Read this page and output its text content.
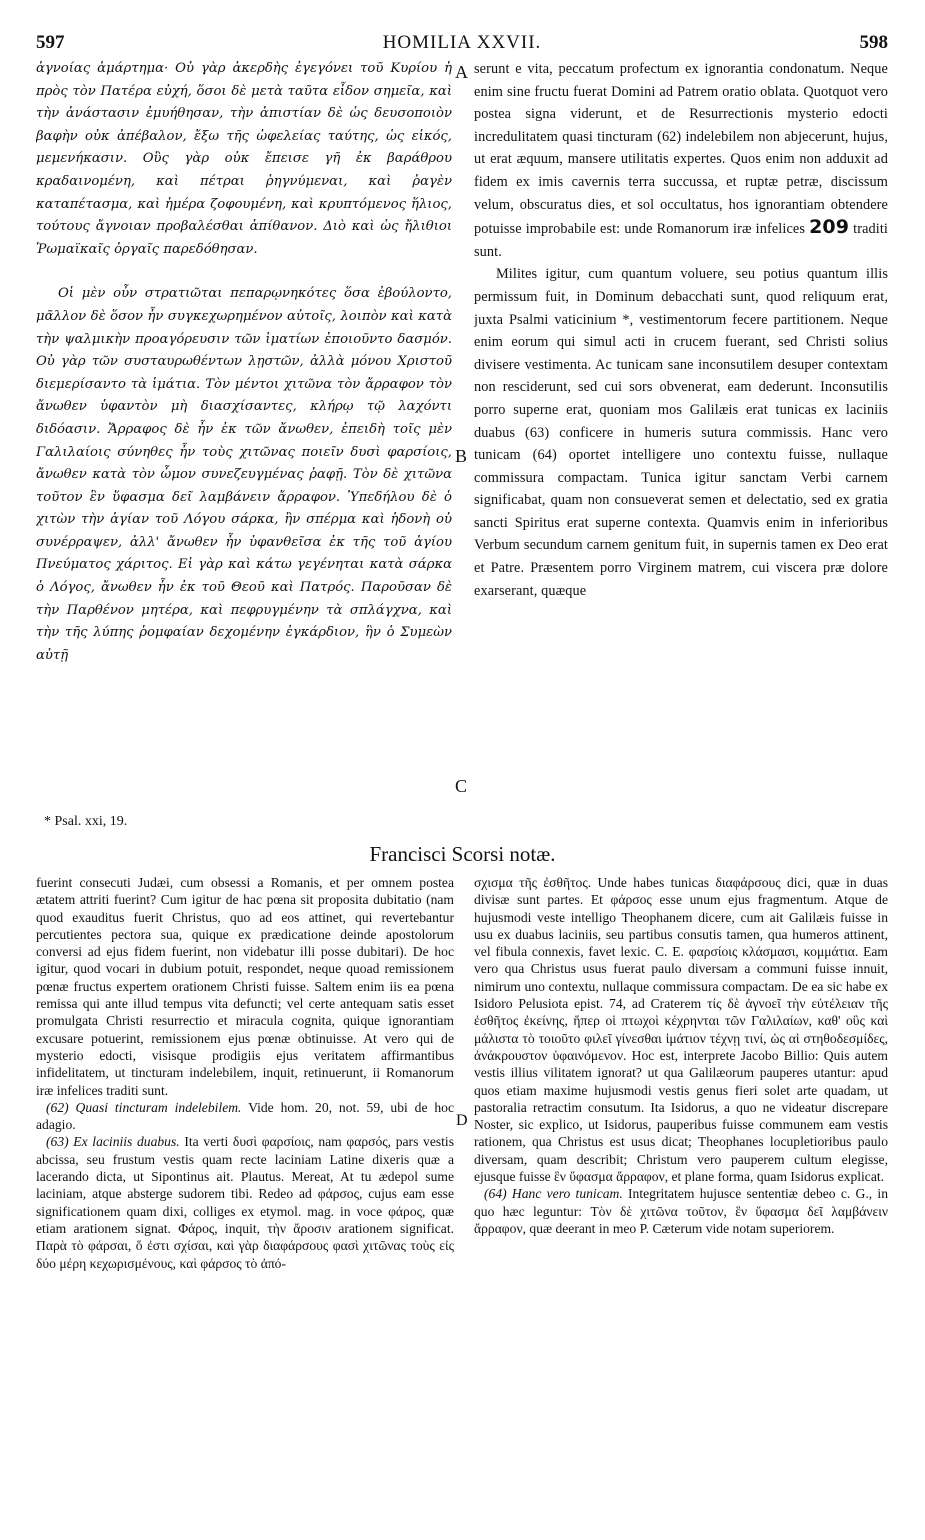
597	HOMILIA XXVII.	598

ἀγνοίας ἁμάρτημα· Οὐ γὰρ ἀκερδὴς ἐγεγόνει τοῦ Κυρίου ἡ πρὸς τὸν Πατέρα εὐχή, ὅσοι δὲ μετὰ ταῦτα εἶδον σημεῖα, καὶ τὴν ἀνάστασιν ἐμυήθησαν, τὴν ἀπιστίαν δὲ ὡς δευσοποιὸν βαφὴν οὐκ ἀπέβαλον, ἔξω τῆς ὠφελείας ταύτης, ὡς εἰκός, μεμενήκασιν. Οὓς γὰρ οὐκ ἔπεισε γῆ ἐκ βαράθρου κραδαινομένη, καὶ πέτραι ῥηγνύμεναι, καὶ ῥαγὲν καταπέτασμα, καὶ ἡμέρα ζοφουμένη, καὶ κρυπτόμενος ἥλιος, τούτους ἄγνοιαν προβαλέσθαι ἀπίθανον. Διὸ καὶ ὡς ἤλιθιοι Ῥωμαϊκαῖς ὀργαῖς παρεδόθησαν.

Οἱ μὲν οὖν στρατιῶται πεπαρῳνηκότες ὅσα ἐβούλοντο, μᾶλλον δὲ ὅσον ἦν συγκεχωρημένον αὐτοῖς, λοιπὸν καὶ κατὰ τὴν ψαλμικὴν προαγόρευσιν τῶν ἱματίων ἐποιοῦντο δασμόν. Οὐ γὰρ τῶν συσταυρωθέντων λῃστῶν, ἀλλὰ μόνου Χριστοῦ διεμερίσαντο τὰ ἱμάτια. Τὸν μέντοι χιτῶνα τὸν ἄρραφον τὸν ἄνωθεν ὑφαντὸν μὴ διασχίσαντες, κλήρῳ τῷ λαχόντι διδόασιν. Ἄρραφος δὲ ἦν ἐκ τῶν ἄνωθεν, ἐπειδὴ τοῖς μὲν Γαλιλαίοις σύνηθες ἦν τοὺς χιτῶνας ποιεῖν δυσὶ φαρσίοις, ἄνωθεν κατὰ τὸν ὦμον συνεζευγμένας ῥαφῇ. Τὸν δὲ χιτῶνα τοῦτον ἓν ὕφασμα δεῖ λαμβάνειν ἄρραφον. Ὑπεδήλου δὲ ὁ χιτὼν τὴν ἁγίαν τοῦ Λόγου σάρκα, ἣν σπέρμα καὶ ἡδονὴ οὐ συνέρραψεν, ἀλλ' ἄνωθεν ἦν ὑφανθεῖσα ἐκ τῆς τοῦ ἁγίου Πνεύματος χάριτος. Εἰ γὰρ καὶ κάτω γεγένηται κατὰ σάρκα ὁ Λόγος, ἄνωθεν ἦν ἐκ τοῦ Θεοῦ καὶ Πατρός. Παροῦσαν δὲ τὴν Παρθένον μητέρα, καὶ πεφρυγμένην τὰ σπλάγχνα, καὶ τὴν τῆς λύπης ῥομφαίαν δεχομένην ἐγκάρδιον, ἣν ὁ Συμεὼν αὐτῇ

A
B
C

serunt e vita, peccatum profectum ex ignorantia condonatum. Neque enim sine fructu fuerat Domini ad Patrem oratio oblata. Quotquot vero postea signa viderunt, et de Resurrectionis mysterio edocti incredulitatem quasi tincturam (62) indelebilem non abjecerunt, hujus, ut erat æquum, mansere utilitatis expertes. Quos enim non adduxit ad fidem ex imis cavernis terra succussa, et ruptæ petræ, discissum velum, obscuratus dies, et sol occultatus, hos ignorantiam obtendere potuisse improbabile est: unde Romanorum iræ infelices 209 traditi sunt.

Milites igitur, cum quantum voluere, seu potius quantum illis permissum fuit, in Dominum debacchati sunt, quod reliquum erat, juxta Psalmi vaticinium *, vestimentorum fecere partitionem. Neque enim eorum qui simul acti in crucem fuerant, sed Christi solius divisere vestimenta. Ac tunicam sane inconsutilem desuper contextam non resciderunt, sed cui sors obvenerat, eam dederunt. Inconsutilis porro superne erat, quoniam mos Galilæis erat tunicas ex laciniis duabus (63) conficere in humeris sutura commissis. Hanc vero tunicam (64) oportet intelligere uno contextu fuisse, nullaque commissura compactam. Tunica igitur sanctam Verbi carnem significabat, quam non consueverat semen et delectatio, sed ex gratia sancti Spiritus erat superne contexta. Quamvis enim in inferioribus Verbum secundum carnem genitum fuit, in supernis tamen ex Deo erat et Patre. Præsentem porro Virginem matrem, cui viscera præ dolore exarserant, quæque

* Psal. xxi, 19.
Francisci Scorsi notæ.
D

fuerint consecuti Judæi, cum obsessi a Romanis, et per omnem postea ætatem attriti fuerint? Cum igitur de hac pœna sit proposita dubitatio (nam quod exauditus fuerit Christus, quo ad eos attinet, qui revertebantur percutientes pectora sua, quique ex prædicatione deinde apostolorum conversi ad ejus fidem fuerint, non videbatur illi posse dubitari). De hoc igitur, quod vocari in dubium potuit, respondet, neque quoad remissionem pœnæ fructus expertem orationem Christi fuisse. Saltem enim iis ea pœna remissa qui ante illud tempus vita defuncti; vel certe antequam satis esset promulgata Christi resurrectio et miracula cognita, quique ignorantiam excusare potuerint, remissionem ejus pœnæ obtinuisse. At vero qui de mysterio edocti, visisque prodigiis ejus veritatem affirmantibus infidelitatem, ut tincturam indelebilem, inquit, retinuerunt, ii Romanorum iræ infelices traditi sunt.

(62) Quasi tincturam indelebilem. Vide hom. 20, not. 59, ubi de hoc adagio.

(63) Ex laciniis duabus. Ita verti δυσὶ φαρσίοις, nam φαρσός, pars vestis abcissa, seu frustum vestis quam recte laciniam Latine dixeris quæ a lacerando dicta, ut Sipontinus ait. Plautus. Mereat, At tu ædepol sume laciniam, atque absterge sudorem tibi. Redeo ad φάρσος, cujus eam esse significationem quam dixi, colliges ex etymol. mag. in voce φάρος, quæ etiam arationem signat. Φάρος, inquit, τὴν ἄροσιν arationem significat. Παρὰ τὸ φάρσαι, ὅ ἐστι σχίσαι, καὶ γὰρ διαφάρσους φασὶ χιτῶνας τοὺς εἰς δύο μέρη κεχωρισμένους, καὶ φάρσος τὸ ἀπό-

σχισμα τῆς ἐσθῆτος. Unde habes tunicas διαφάρσους dici, quæ in duas divisæ sunt partes. Et φάρσος esse unum ejus fragmentum. Atque de hujusmodi veste intelligo Theophanem dicere, cum ait Galilæis fuisse in usu ex duabus laciniis, seu partibus consutis tamen, qua humeros attinent, vel fibula connexis, favet lexic. C. E. φαρσίοις κλάσμασι, κομμάτια. Eam vero qua Christus usus fuerat paulo diversam a communi fuisse innuit, nimirum uno contextu, nullaque commissura compactam. De ea sic habe ex Isidoro Pelusiota epist. 74, ad Craterem τίς δὲ ἀγνοεῖ τὴν εὐτέλειαν τῆς ἐσθῆτος ἐκείνης, ἥπερ οἱ πτωχοὶ κέχρηνται τῶν Γαλιλαίων, καθ' οὓς καὶ μάλιστα τὸ τοιοῦτο φιλεῖ γίνεσθαι ἱμάτιον τέχνῃ τινί, ὡς αἱ στηθοδεσμίδες, ἀνάκρουστον ὑφαινόμενον. Hoc est, interprete Jacobo Billio: Quis autem vestis illius vilitatem ignorat? ut qua Galilæorum pauperes utantur: apud quos etiam maxime hujusmodi vestis genus fieri solet arte quadam, ut pastoralia retractim consutum. Ita Isidorus, a quo ne videatur discrepare Noster, sic explico, ut Isidorus, pauperibus fuisse communem eam vestis rationem, qua Christus est usus dicat; Theophanes locupletioribus paulo diversam, quam describit; Christum vero pauperem cultum elegisse, ejusque fuisse ἓν ὕφασμα ἄρραφον, et plane forma, quam Isidorus explicat.

(64) Hanc vero tunicam. Integritatem hujusce sententiæ debeo c. G., in quo hæc leguntur: Τὸν δὲ χιτῶνα τοῦτον, ἓν ὕφασμα δεῖ λαμβάνειν ἄρραφον, quæ deerant in meo P. Cæterum vide notam superiorem.
